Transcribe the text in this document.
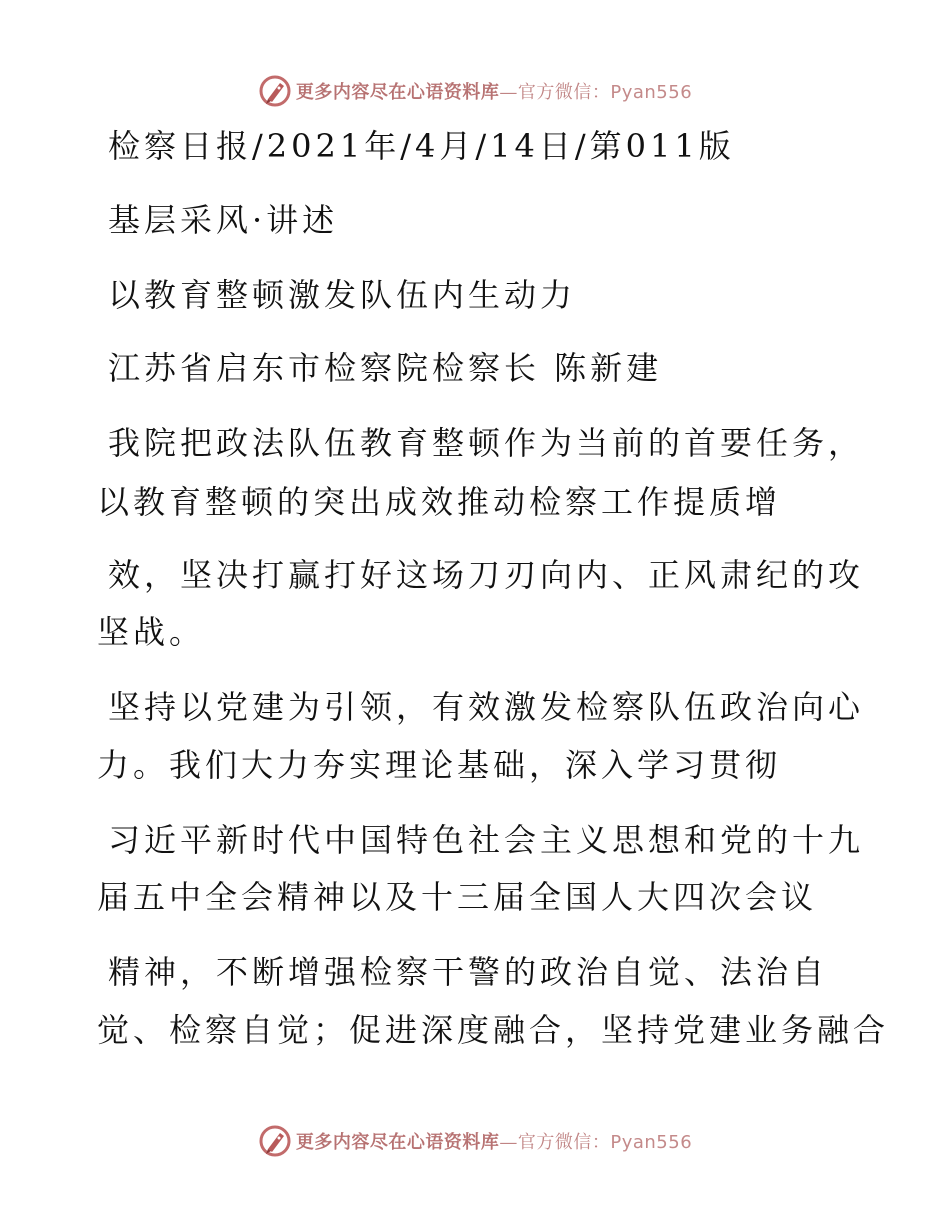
更多内容尽在心语资料库—官方微信：Pyan556
检察日报/2021年/4月/14日/第011版
基层采风·讲述
以教育整顿激发队伍内生动力
江苏省启东市检察院检察长 陈新建
我院把政法队伍教育整顿作为当前的首要任务，
以教育整顿的突出成效推动检察工作提质增
效，坚决打赢打好这场刀刃向内、正风肃纪的攻
坚战。
坚持以党建为引领，有效激发检察队伍政治向心
力。我们大力夯实理论基础，深入学习贯彻
习近平新时代中国特色社会主义思想和党的十九
届五中全会精神以及十三届全国人大四次会议
精神，不断增强检察干警的政治自觉、法治自
觉、检察自觉；促进深度融合，坚持党建业务融合
更多内容尽在心语资料库—官方微信：Pyan556
